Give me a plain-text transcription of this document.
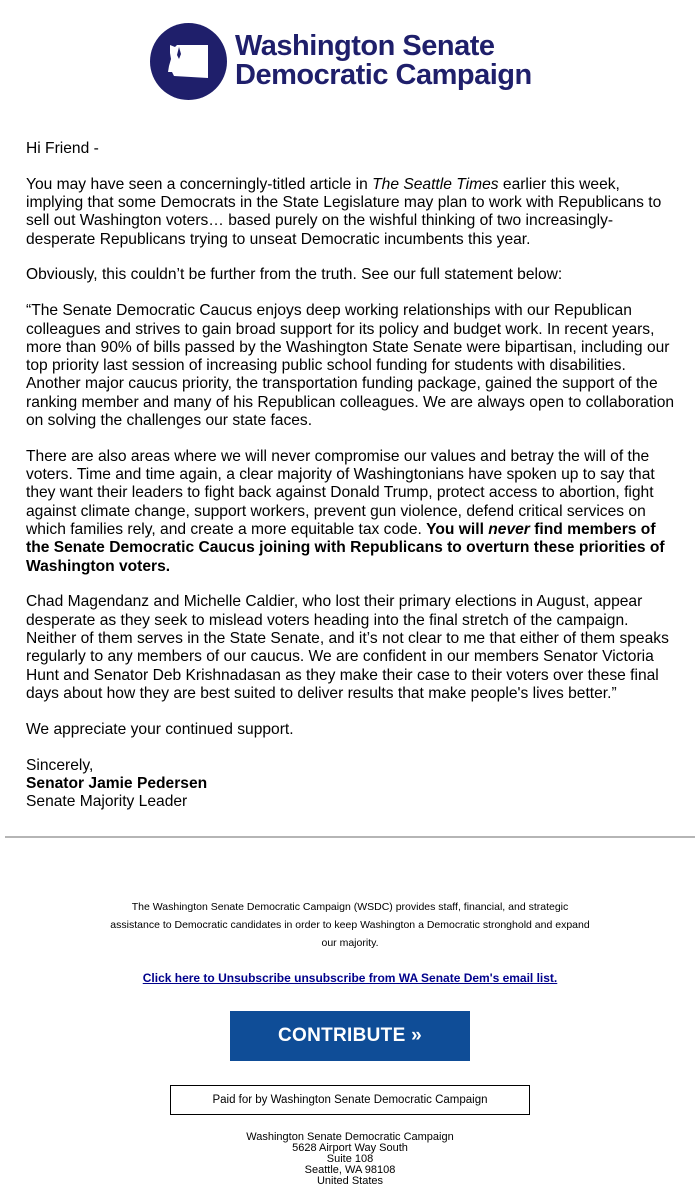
Washington Senate
Democratic Campaign

Hi Friend -

You may have seen a concerningly-titled article in The Seattle Times earlier this week, implying that some Democrats in the State Legislature may plan to work with Republicans to sell out Washington voters… based purely on the wishful thinking of two increasingly-desperate Republicans trying to unseat Democratic incumbents this year.

Obviously, this couldn’t be further from the truth. See our full statement below:

“The Senate Democratic Caucus enjoys deep working relationships with our Republican colleagues and strives to gain broad support for its policy and budget work. In recent years, more than 90% of bills passed by the Washington State Senate were bipartisan, including our top priority last session of increasing public school funding for students with disabilities. Another major caucus priority, the transportation funding package, gained the support of the ranking member and many of his Republican colleagues. We are always open to collaboration on solving the challenges our state faces.

There are also areas where we will never compromise our values and betray the will of the voters. Time and time again, a clear majority of Washingtonians have spoken up to say that they want their leaders to fight back against Donald Trump, protect access to abortion, fight against climate change, support workers, prevent gun violence, defend critical services on which families rely, and create a more equitable tax code. You will never find members of the Senate Democratic Caucus joining with Republicans to overturn these priorities of Washington voters.

Chad Magendanz and Michelle Caldier, who lost their primary elections in August, appear desperate as they seek to mislead voters heading into the final stretch of the campaign. Neither of them serves in the State Senate, and it’s not clear to me that either of them speaks regularly to any members of our caucus. We are confident in our members Senator Victoria Hunt and Senator Deb Krishnadasan as they make their case to their voters over these final days about how they are best suited to deliver results that make people's lives better.”

We appreciate your continued support.

Sincerely,
Senator Jamie Pedersen
Senate Majority Leader
The Washington Senate Democratic Campaign (WSDC) provides staff, financial, and strategic assistance to Democratic candidates in order to keep Washington a Democratic stronghold and expand our majority.
Click here to Unsubscribe unsubscribe from WA Senate Dem's email list.
CONTRIBUTE »
Paid for by Washington Senate Democratic Campaign
Washington Senate Democratic Campaign
5628 Airport Way South
Suite 108
Seattle, WA 98108
United States
